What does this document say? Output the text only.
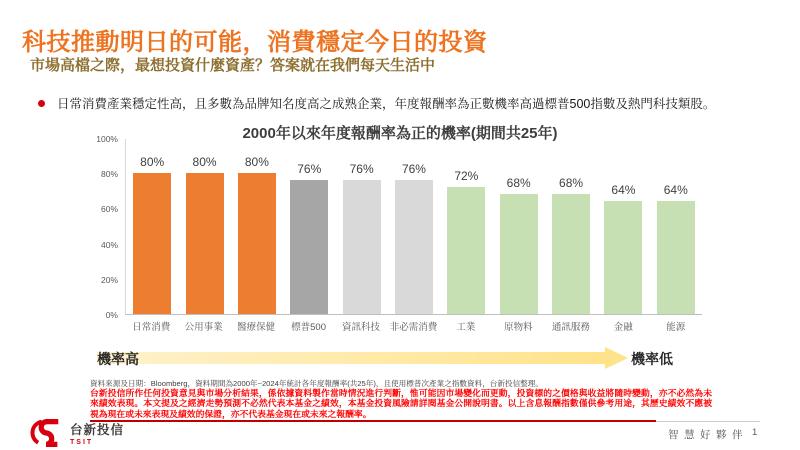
科技推動明日的可能，消費穩定今日的投資
市場高檔之際，最想投資什麼資產？答案就在我們每天生活中
日常消費產業穩定性高，且多數為品牌知名度高之成熟企業，年度報酬率為正數機率高過標普500指數及熱門科技類股。
2000年以來年度報酬率為正的機率(期間共25年)
100%
80%
60%
40%
20%
0%
80% 80% 80% 76% 76% 76% 72% 68% 68% 64% 64%
日常消費	公用事業	醫療保健	標普500	資訊科技	非必需消費	工業	原物料	通訊服務	金融	能源
機率高	機率低
資料來源及日期：Bloomberg，資料期間為2000年~2024年統計各年度報酬率(共25年)，且使用標普次產業之指數資料，台新投信整理。
台新投信所作任何投資意見與市場分析結果，係依據資料製作當時情況進行判斷，惟可能因市場變化而更動，投資標的之價格與收益將隨時變動，亦不必然為未來績效表現。本文提及之經濟走勢預測不必然代表本基金之績效，本基金投資風險請詳閱基金公開說明書。以上含息報酬指數僅供參考用途，其歷史績效不應被視為現在或未來表現及績效的保證，亦不代表基金現在或未來之報酬率。
台新投信
TSIT
智慧好夥伴 1
